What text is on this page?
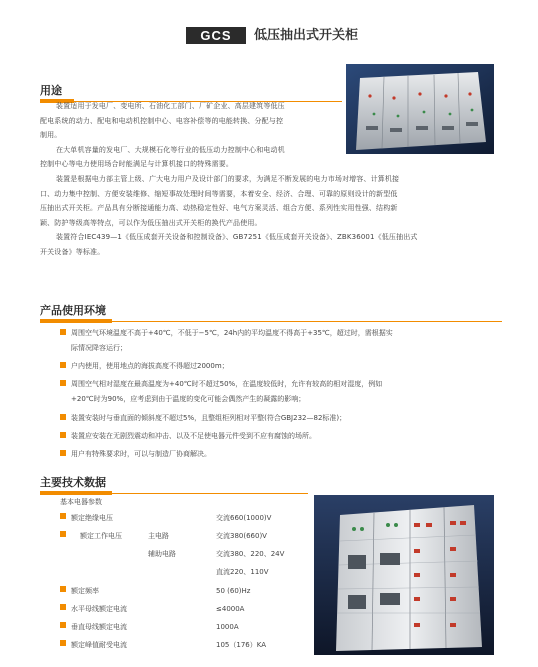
GCS	低压抽出式开关柜
用途

装置适用于发电厂、变电所、石油化工部门、厂矿企业、高层建筑等低压

配电系统的动力、配电和电动机控制中心、电容补偿等的电能转换、分配与控

制用。

在大单机容量的发电厂、大规模石化等行业的低压动力控制中心和电动机

控制中心等电力使用场合时能满足与计算机接口的特殊需要。

装置是根据电力部主管上级、广大电力用户及设计部门的要求，为满足不断发展的电力市场对增容、计算机接

口、动力集中控制、方便安装维修、缩短事故处理时间等需要，本着安全、经济、合理、可靠的原则设计的新型低

压抽出式开关柜。产品具有分断接通能力高、动热稳定性好、电气方案灵活、组合方便、系列性实用性强、结构新

颖、防护等级高等特点，可以作为低压抽出式开关柜的换代产品使用。

装置符合IEC439—1《低压成套开关设备和控制设备》、GB7251《低压成套开关设备》、ZBK36001《低压抽出式

开关设备》等标准。

产品使用环境
周围空气环境温度不高于+40℃，不低于−5℃，24h内的平均温度不得高于+35℃，超过时，需根据实
际情况降容运行；
户内使用，使用地点的海拔高度不得超过2000m；
周围空气相对湿度在最高温度为+40℃时不超过50%，在温度较低时，允许有较高的相对湿度，例如
+20℃时为90%，应考虑到由于温度的变化可能会偶然产生的凝露的影响；
装置安装时与垂直面的倾斜度不超过5%，且整组柜列相对平整(符合GBJ232—82标准)；
装置应安装在无剧烈震动和冲击、以及不足使电器元件受到不应有腐蚀的场所。
用户有特殊要求时，可以与制造厂协商解决。
主要技术数据
基本电器参数
额定绝缘电压	交流660(1000)V
额定工作电压	主电路	交流380(660)V
辅助电路	交流380、220、24V
直流220、110V
额定频率	50 (60)Hz
水平母线额定电流	≤4000A
垂直母线额定电流	1000A
额定峰值耐受电流	105（176）KA
